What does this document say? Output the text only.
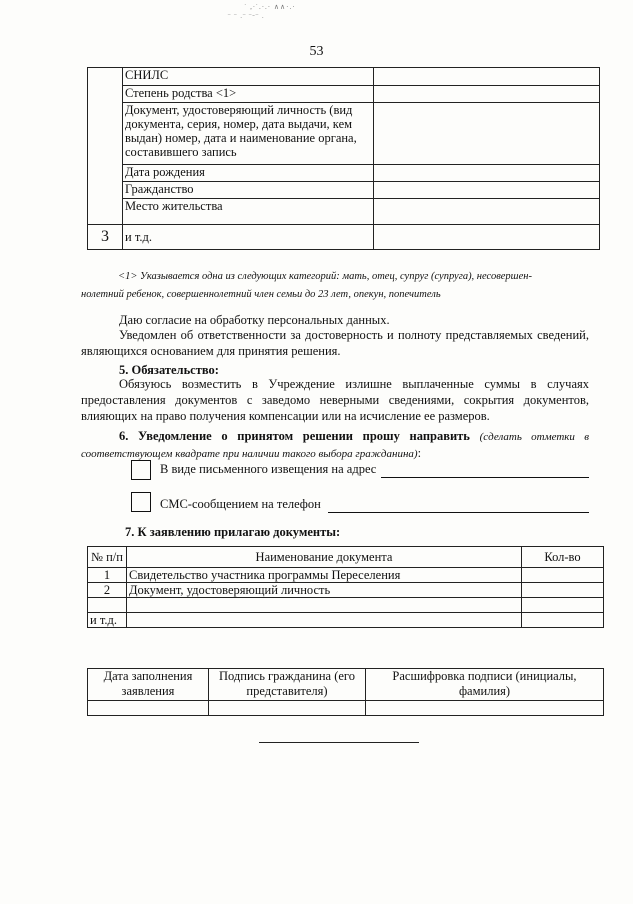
˙ ,ᐧ˙.·.· ∧∧·.·
‾ ‾ ᐧ‾ ‾ˉ‾ ᐧ
53
	СНИЛС	
	Степень родства <1>	
	Документ, удостоверяющий личность (вид документа, серия, номер, дата выдачи, кем выдан) номер, дата и наименование органа, составившего запись	
	Дата рождения	
	Гражданство	
	Место жительства	
3	и т.д.	
<1> Указывается одна из следующих категорий: мать, отец, супруг (супруга), несовершен-
нолетний ребенок, совершеннолетний член семьи до 23 лет, опекун, попечитель
Даю согласие на обработку персональных данных.
Уведомлен об ответственности за достоверность и полноту представляемых сведений, являющихся основанием для принятия решения.
5. Обязательство:
Обязуюсь возместить в Учреждение излишне выплаченные суммы в случаях предоставления документов с заведомо неверными сведениями, сокрытия документов, влияющих на право получения компенсации или на исчисление ее размеров.
6. Уведомление о принятом решении прошу направить (сделать отметки в соответствующем квадрате при наличии такого выбора гражданина):
В виде письменного извещения на адрес
СМС-сообщением на телефон
7. К заявлению прилагаю документы:
№ п/п	Наименование документа	Кол-во
1	Свидетельство участника программы Переселения	
2	Документ, удостоверяющий личность	

и т.д.		
Дата заполнения заявления	Подпись гражданина (его представителя)	Расшифровка подписи (инициалы, фамилия)
